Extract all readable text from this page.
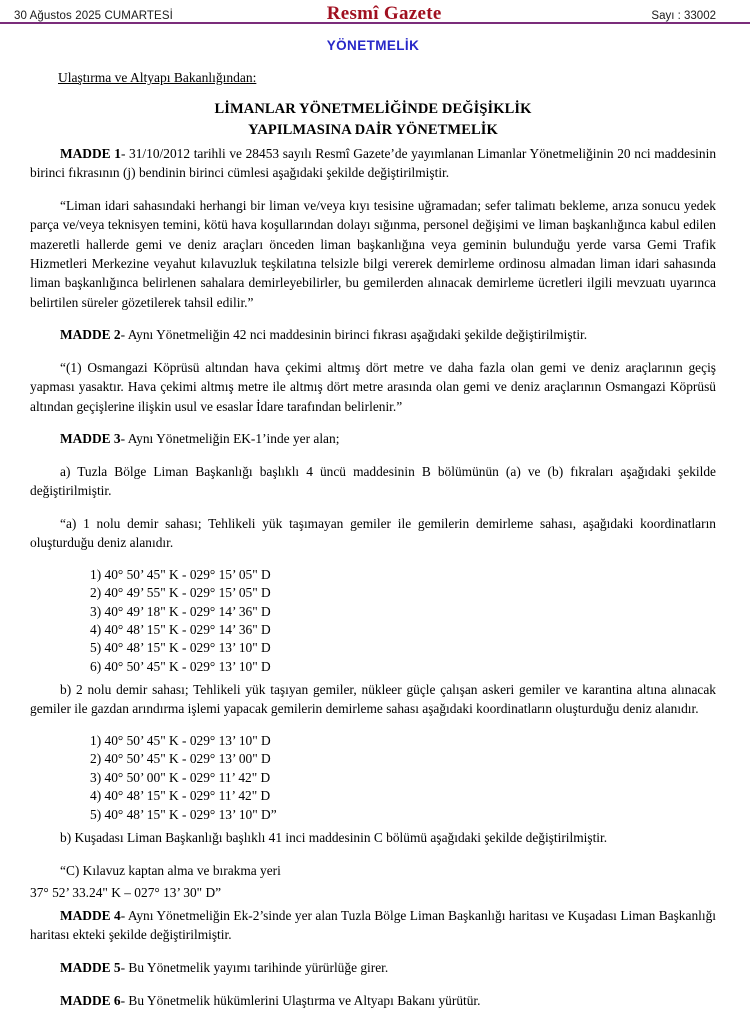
30 Ağustos 2025 CUMARTESİ	Resmî Gazete	Sayı : 33002
YÖNETMELİK
Ulaştırma ve Altyapı Bakanlığından:
LİMANLAR YÖNETMELİĞİNDE DEĞİŞİKLİK
YAPILMASINA DAİR YÖNETMELİK

MADDE 1- 31/10/2012 tarihli ve 28453 sayılı Resmî Gazete’de yayımlanan Limanlar Yönetmeliğinin 20 nci maddesinin birinci fıkrasının (j) bendinin birinci cümlesi aşağıdaki şekilde değiştirilmiştir.

“Liman idari sahasındaki herhangi bir liman ve/veya kıyı tesisine uğramadan; sefer talimatı bekleme, arıza sonucu yedek parça ve/veya teknisyen temini, kötü hava koşullarından dolayı sığınma, personel değişimi ve liman başkanlığınca kabul edilen mazeretli hallerde gemi ve deniz araçları önceden liman başkanlığına veya geminin bulunduğu yerde varsa Gemi Trafik Hizmetleri Merkezine veyahut kılavuzluk teşkilatına telsizle bilgi vererek demirleme ordinosu almadan liman idari sahasında liman başkanlığınca belirlenen sahalara demirleyebilirler, bu gemilerden alınacak demirleme ücretleri ilgili mevzuatı uyarınca belirtilen süreler gözetilerek tahsil edilir.”

MADDE 2- Aynı Yönetmeliğin 42 nci maddesinin birinci fıkrası aşağıdaki şekilde değiştirilmiştir.

“(1) Osmangazi Köprüsü altından hava çekimi altmış dört metre ve daha fazla olan gemi ve deniz araçlarının geçiş yapması yasaktır. Hava çekimi altmış metre ile altmış dört metre arasında olan gemi ve deniz araçlarının Osmangazi Köprüsü altından geçişlerine ilişkin usul ve esaslar İdare tarafından belirlenir.”

MADDE 3- Aynı Yönetmeliğin EK-1’inde yer alan;

a) Tuzla Bölge Liman Başkanlığı başlıklı 4 üncü maddesinin B bölümünün (a) ve (b) fıkraları aşağıdaki şekilde değiştirilmiştir.

“a) 1 nolu demir sahası; Tehlikeli yük taşımayan gemiler ile gemilerin demirleme sahası, aşağıdaki koordinatların oluşturduğu deniz alanıdır.

1) 40° 50’ 45" K - 029° 15’ 05" D
2) 40° 49’ 55" K - 029° 15’ 05" D
3) 40° 49’ 18" K - 029° 14’ 36" D
4) 40° 48’ 15" K - 029° 14’ 36" D
5) 40° 48’ 15" K - 029° 13’ 10" D
6) 40° 50’ 45" K - 029° 13’ 10" D

b) 2 nolu demir sahası; Tehlikeli yük taşıyan gemiler, nükleer güçle çalışan askeri gemiler ve karantina altına alınacak gemiler ile gazdan arındırma işlemi yapacak gemilerin demirleme sahası aşağıdaki koordinatların oluşturduğu deniz alanıdır.

1) 40° 50’ 45" K - 029° 13’ 10" D
2) 40° 50’ 45" K - 029° 13’ 00" D
3) 40° 50’ 00" K - 029° 11’ 42" D
4) 40° 48’ 15" K - 029° 11’ 42" D
5) 40° 48’ 15" K - 029° 13’ 10" D”

b) Kuşadası Liman Başkanlığı başlıklı 41 inci maddesinin C bölümü aşağıdaki şekilde değiştirilmiştir.

“C) Kılavuz kaptan alma ve bırakma yeri
37° 52’ 33.24" K – 027° 13’ 30" D”

MADDE 4- Aynı Yönetmeliğin Ek-2’sinde yer alan Tuzla Bölge Liman Başkanlığı haritası ve Kuşadası Liman Başkanlığı haritası ekteki şekilde değiştirilmiştir.

MADDE 5- Bu Yönetmelik yayımı tarihinde yürürlüğe girer.

MADDE 6- Bu Yönetmelik hükümlerini Ulaştırma ve Altyapı Bakanı yürütür.
